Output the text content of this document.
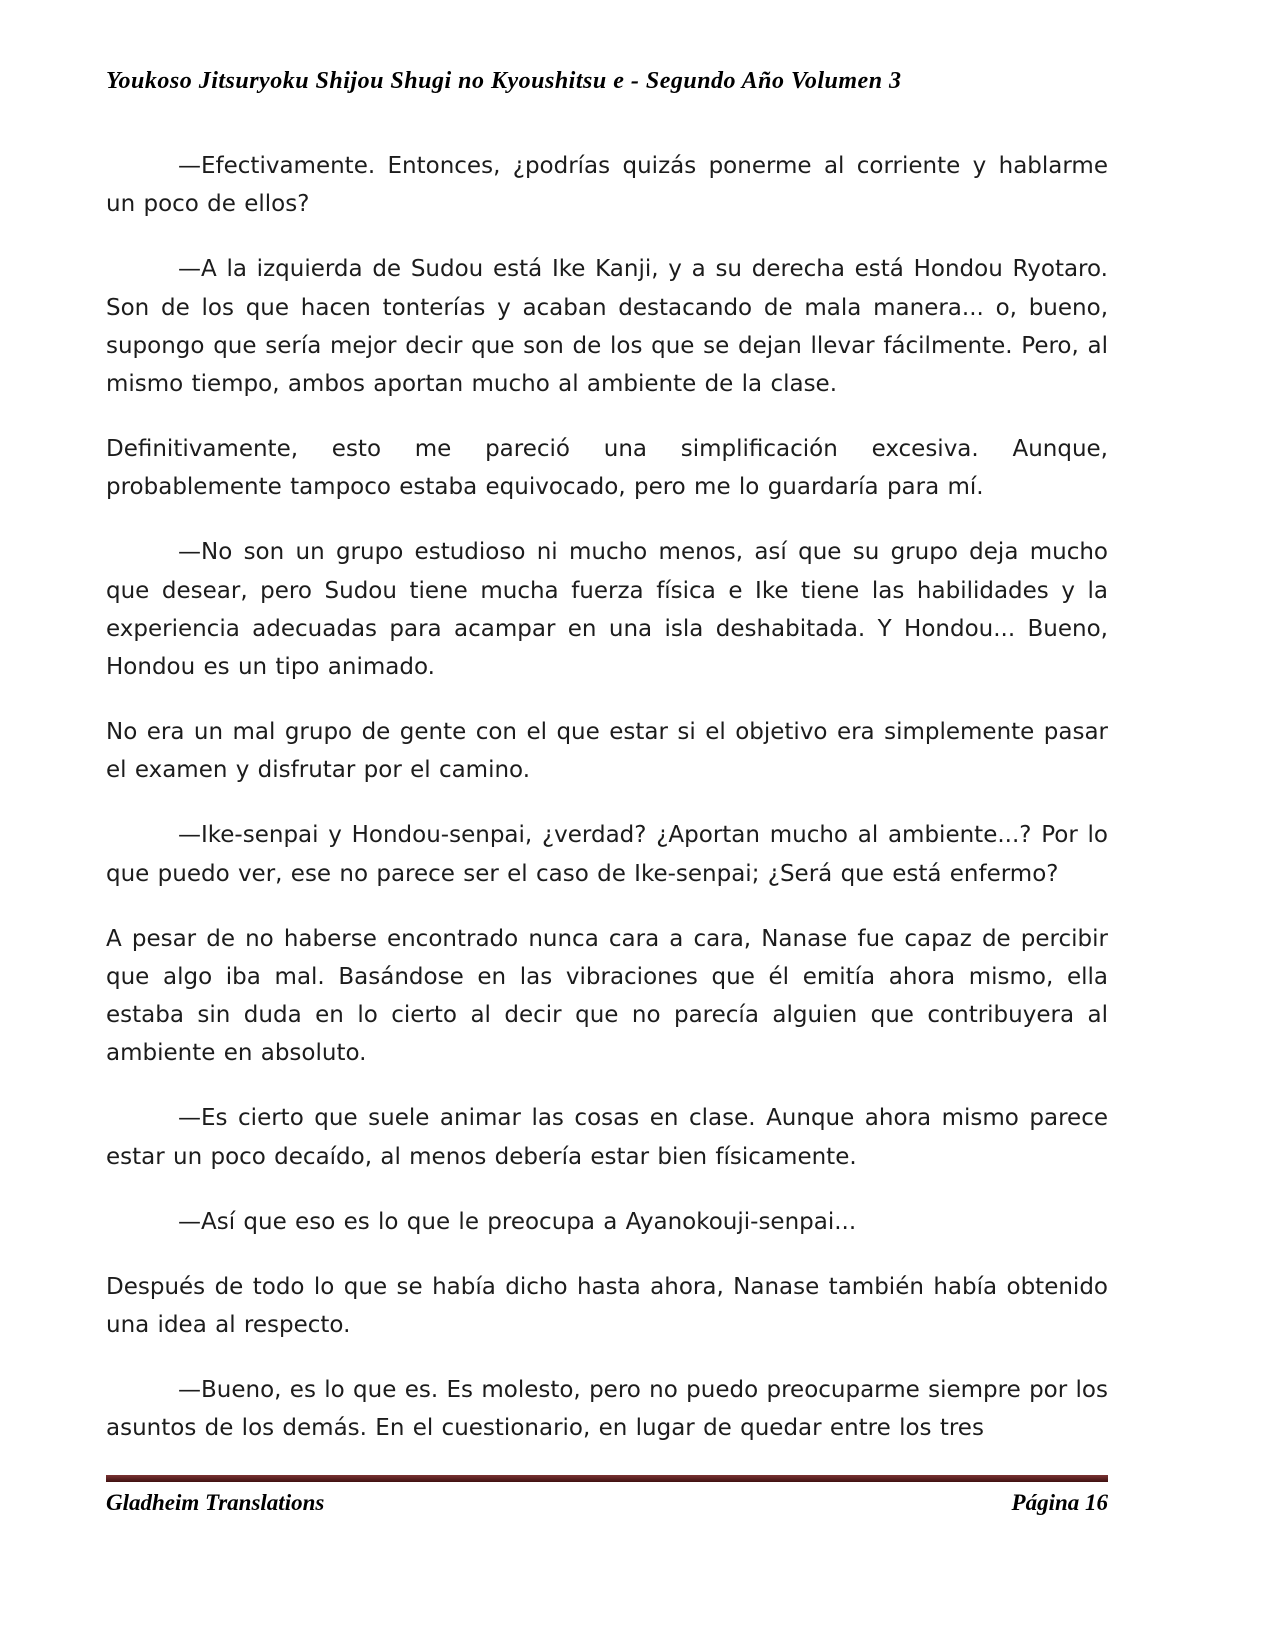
Youkoso Jitsuryoku Shijou Shugi no Kyoushitsu e - Segundo Año Volumen 3

—Efectivamente. Entonces, ¿podrías quizás ponerme al corriente y hablarme un poco de ellos?

—A la izquierda de Sudou está Ike Kanji, y a su derecha está Hondou Ryotaro. Son de los que hacen tonterías y acaban destacando de mala manera... o, bueno, supongo que sería mejor decir que son de los que se dejan llevar fácilmente. Pero, al mismo tiempo, ambos aportan mucho al ambiente de la clase.

Definitivamente, esto me pareció una simplificación excesiva. Aunque, probablemente tampoco estaba equivocado, pero me lo guardaría para mí.

—No son un grupo estudioso ni mucho menos, así que su grupo deja mucho que desear, pero Sudou tiene mucha fuerza física e Ike tiene las habilidades y la experiencia adecuadas para acampar en una isla deshabitada. Y Hondou... Bueno, Hondou es un tipo animado.

No era un mal grupo de gente con el que estar si el objetivo era simplemente pasar el examen y disfrutar por el camino.

—Ike-senpai y Hondou-senpai, ¿verdad? ¿Aportan mucho al ambiente...? Por lo que puedo ver, ese no parece ser el caso de Ike-senpai; ¿Será que está enfermo?

A pesar de no haberse encontrado nunca cara a cara, Nanase fue capaz de percibir que algo iba mal. Basándose en las vibraciones que él emitía ahora mismo, ella estaba sin duda en lo cierto al decir que no parecía alguien que contribuyera al ambiente en absoluto.

—Es cierto que suele animar las cosas en clase. Aunque ahora mismo parece estar un poco decaído, al menos debería estar bien físicamente.

—Así que eso es lo que le preocupa a Ayanokouji-senpai...

Después de todo lo que se había dicho hasta ahora, Nanase también había obtenido una idea al respecto.

—Bueno, es lo que es. Es molesto, pero no puedo preocuparme siempre por los asuntos de los demás. En el cuestionario, en lugar de quedar entre los tres

Gladheim Translations	Página 16
